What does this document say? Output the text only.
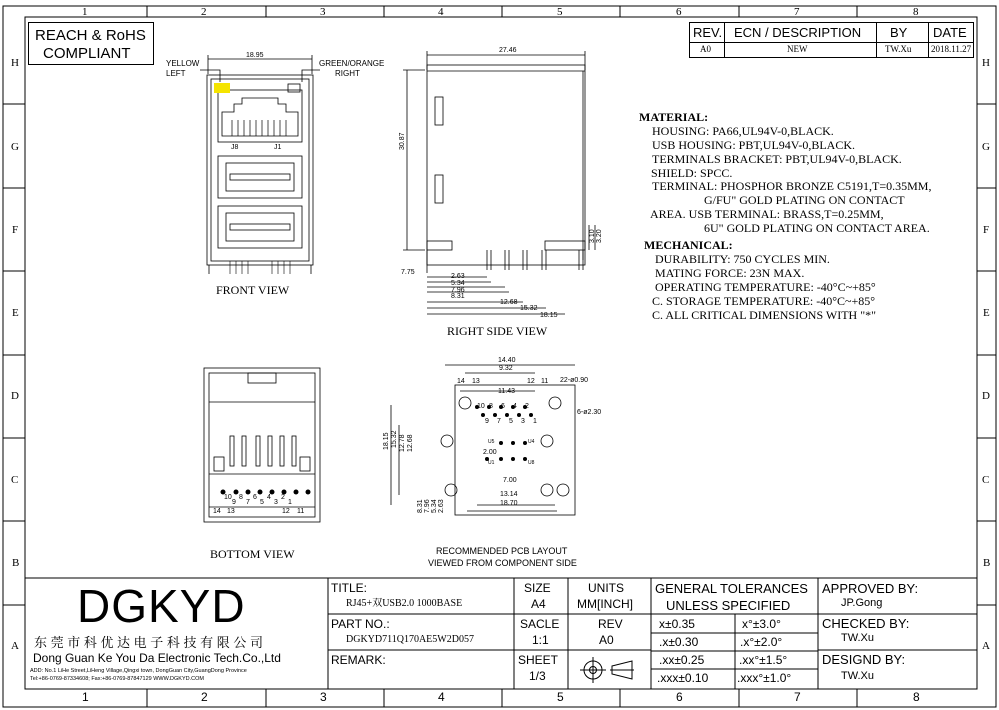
1	2	3	4	5	6	7	8
1	2	3	4	5	6	7	8
H
G
F
E
D
C
B
A
H
G
F
E
D
C
B
A
REACH & RoHS
COMPLIANT
REV. ECN / DESCRIPTION BY DATE
A0	NEW	TW.Xu 2018.11.27
18.95
YELLOW
LEFT
GREEN/ORANGE
RIGHT
J8	J1
FRONT VIEW
27.46
30.87
7.75
3.10 3.20
2.63
5.34
7.96
8.31
12.68
15.32
18.15
RIGHT SIDE VIEW
10 8 6 4 2
9 7 5 3 1
14 13	12 11
BOTTOM VIEW
14.40
9.32
11.43
22-ø0.90
6-ø2.30
14 13	12 11
10 8 6 4 2
9 7 5 3 1
18.15 15.32 12.78 12.68
2.00
7.00
13.14
18.70
8.31 7.96 5.34 2.63
U5
U1
U4
U8
RECOMMENDED PCB LAYOUT
VIEWED FROM COMPONENT SIDE
MATERIAL:
HOUSING: PA66,UL94V-0,BLACK.
USB HOUSING: PBT,UL94V-0,BLACK.
TERMINALS BRACKET: PBT,UL94V-0,BLACK.
SHIELD: SPCC.
TERMINAL: PHOSPHOR BRONZE C5191,T=0.35MM,
G/FU" GOLD PLATING ON CONTACT
AREA. USB TERMINAL: BRASS,T=0.25MM,
6U" GOLD PLATING ON CONTACT AREA.
MECHANICAL:
DURABILITY: 750 CYCLES MIN.
MATING FORCE: 23N MAX.
OPERATING TEMPERATURE: -40°C~+85°
C. STORAGE TEMPERATURE: -40°C~+85°
C. ALL CRITICAL DIMENSIONS WITH "*"
DGKYD
东 莞 市 科 优 达 电 子 科 技 有 限 公 司
Dong Guan Ke You Da Electronic Tech.Co.,Ltd
ADD: No.1 LiHe Street,LiHeng Village,Qingxi town, DongGuan City,GuangDong Province
Tel:+86-0769-87334608; Fax:+86-0769-87847129 WWW.DGKYD.COM
TITLE:
RJ45+双USB2.0 1000BASE
PART NO.:
DGKYD711Q170AE5W2D057
REMARK:
SIZE
A4
UNITS
MM[INCH]
SACLE
1:1
REV
A0
SHEET
1/3
GENERAL TOLERANCES
UNLESS SPECIFIED
x±0.35	x°±3.0°
.x±0.30	.x°±2.0°
.xx±0.25	.xx°±1.5°
.xxx±0.10 .xxx°±1.0°
APPROVED BY:
JP.Gong
CHECKED BY:
TW.Xu
DESIGND BY:
TW.Xu
